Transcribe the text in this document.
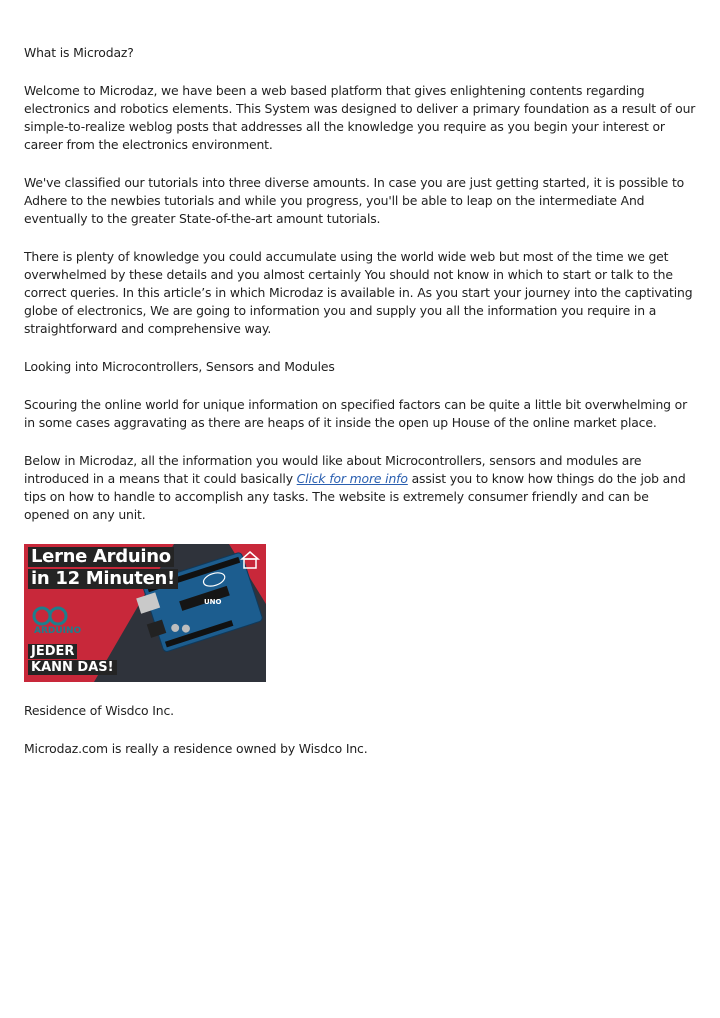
What is Microdaz?

Welcome to Microdaz, we have been a web based platform that gives enlightening contents regarding electronics and robotics elements. This System was designed to deliver a primary foundation as a result of our simple-to-realize weblog posts that addresses all the knowledge you require as you begin your interest or career from the electronics environment.

We've classified our tutorials into three diverse amounts. In case you are just getting started, it is possible to Adhere to the newbies tutorials and while you progress, you'll be able to leap on the intermediate And eventually to the greater State-of-the-art amount tutorials.

There is plenty of knowledge you could accumulate using the world wide web but most of the time we get overwhelmed by these details and you almost certainly You should not know in which to start or talk to the correct queries. In this article’s in which Microdaz is available in. As you start your journey into the captivating globe of electronics, We are going to information you and supply you all the information you require in a straightforward and comprehensive way.

Looking into Microcontrollers, Sensors and Modules

Scouring the online world for unique information on specified factors can be quite a little bit overwhelming or in some cases aggravating as there are heaps of it inside the open up House of the online market place.

Below in Microdaz, all the information you would like about Microcontrollers, sensors and modules are introduced in a means that it could basically Click for more info assist you to know how things do the job and tips on how to handle to accomplish any tasks. The website is extremely consumer friendly and can be opened on any unit.

Lerne Arduino
in 12 Minuten!
ARDUINO
UNO
JEDER
KANN DAS!

Residence of Wisdco Inc.

Microdaz.com is really a residence owned by Wisdco Inc.
